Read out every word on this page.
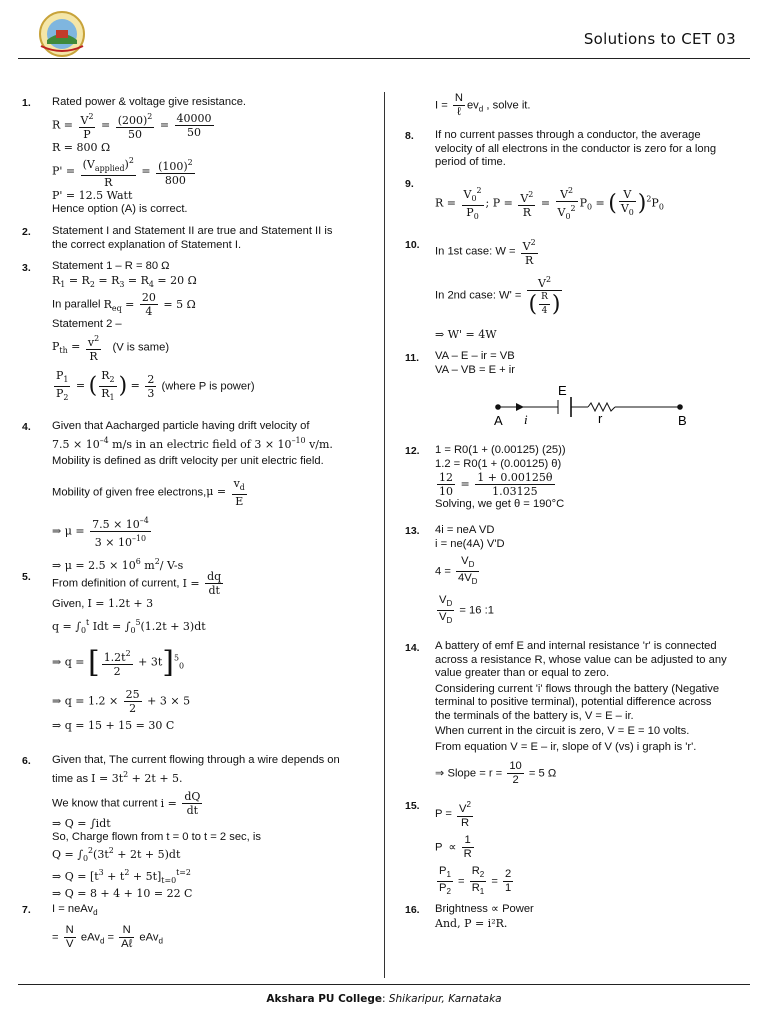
Solutions to CET 03
1. Rated power & voltage give resistance.
$R = \frac{V^2}{P} = \frac{(200)^2}{50} = \frac{40000}{50}$
R = 800 Ω
$P' = \frac{(V_{applied})^2}{R} = \frac{(100)^2}{800}$
P' = 12.5 Watt
Hence option (A) is correct.
2. Statement I and Statement II are true and Statement II is
the correct explanation of Statement I.
3. Statement 1 – R = 80 Ω
$R_1 = R_2 = R_3 = R_4 = 20$ Ω
In parallel $R_{eq} = \frac{20}{4} = 5$ Ω
Statement 2 –
$P_{th} = \frac{v^2}{R} (V$ is same)
$\frac{P_1}{P_2}$ = ( $\frac{R_2}{R_1}$ ) = $\frac{2}{3}$ (where P is power)
4. Given that Aacharged particle having drift velocity of
$7.5 \times 10^{-4}$ m/s in an electric field of $3 \times 10^{-10}$ v/m.
Mobility is defined as drift velocity per unit electric field.
Mobility of given free electrons,μ = $\frac{v_d}{E}$
⇒ $\mu = \frac{7.5 \times 10^{-4}}{3 \times 10^{-10}}$
⇒ $\mu = 2.5 \times 10^6$ $m^2/$ V-s
5.
From definition of current, $I = \frac{dq}{dt}$
Given, I = 1.2t + 3
$q = \int_0^t$ Idt = $\int_0^5(1.2t + 3)dt$
⇒ q = [ $\frac{1.2t^2}{2} + 3t]^5_0$
⇒ $q = 1.2 \times \frac{25}{2} + 3 \times 5$
⇒ q = 15 + 15 = 30 C
6. Given that, The current flowing through a wire depends on
time as $I = 3t^2 + 2t + 5$.
We know that current $i = \frac{dQ}{dt}$
⇒ Q = ∫idt
So, Charge flown from t = 0 to t = 2 sec, is
$Q = \int_0^2(3t^2 + 2t + 5)dt$
⇒ $Q = [t^3 + t^2 + 5t]_{t=0}^{t=2}$
⇒ Q = 8 + 4 + 10 = 22 C
7. I = neAv$_d$
= $\frac{N}{V} eAv_d = \frac{N}{\text{Aℓ}} eAv_d$
$I = \frac{N}{\text{ℓ}} ev_d$ , solve it.
8. If no current passes through a conductor, the average
velocity of all electrons in the conductor is zero for a long
period of time.
9.
$R = \frac{V_0^2}{P_0}$ ; $P = \frac{V^2}{R} = \frac{V^2}{V_0^2} P_0$ = ( $\frac{V}{V_0} )^2P_0$
10.
In 1st case: $W = \frac{V^2}{R}$
In 2nd case: $W' = \frac{V^2}{( \frac{R}{4} )}$
⇒ W' = 4W
11. VA – E – ir = VB
VA – VB = E + ir
A	B
E
i	r
12. 1 = R0(1 + (0.00125) (25))
1.2 = R0(1 + (0.00125) θ)
$\frac{12}{10} = \frac{1 + 0.00125\theta}{1.03125}$
Solving, we get θ = 190°C
13. 4i = neA VD
i = ne(4A) V'D
$4 = \frac{V_D}{4V_D}$
$\frac{V_D}{V_D} = 16$ :1
14. A battery of emf E and internal resistance 'r' is connected
across a resistance R, whose value can be adjusted to any
value greater than or equal to zero.
Considering current 'i' flows through the battery (Negative
terminal to positive terminal), potential difference across
the terminals of the battery is, V = E – ir.
When current in the circuit is zero, V = E = 10 volts.
From equation V = E – ir, slope of V (vs) i graph is 'r'.
⇒ Slope = $r = \frac{10}{2} = 5$ Ω
15.
$P = \frac{V^2}{R}$
$P \propto \frac{1}{R}$
$\frac{P_1}{P_2} = \frac{R_2}{R_1} = \frac{2}{1}$
16. Brightness ∝ Power
And, P = i²R.
Akshara PU College: Shikaripur, Karnataka
